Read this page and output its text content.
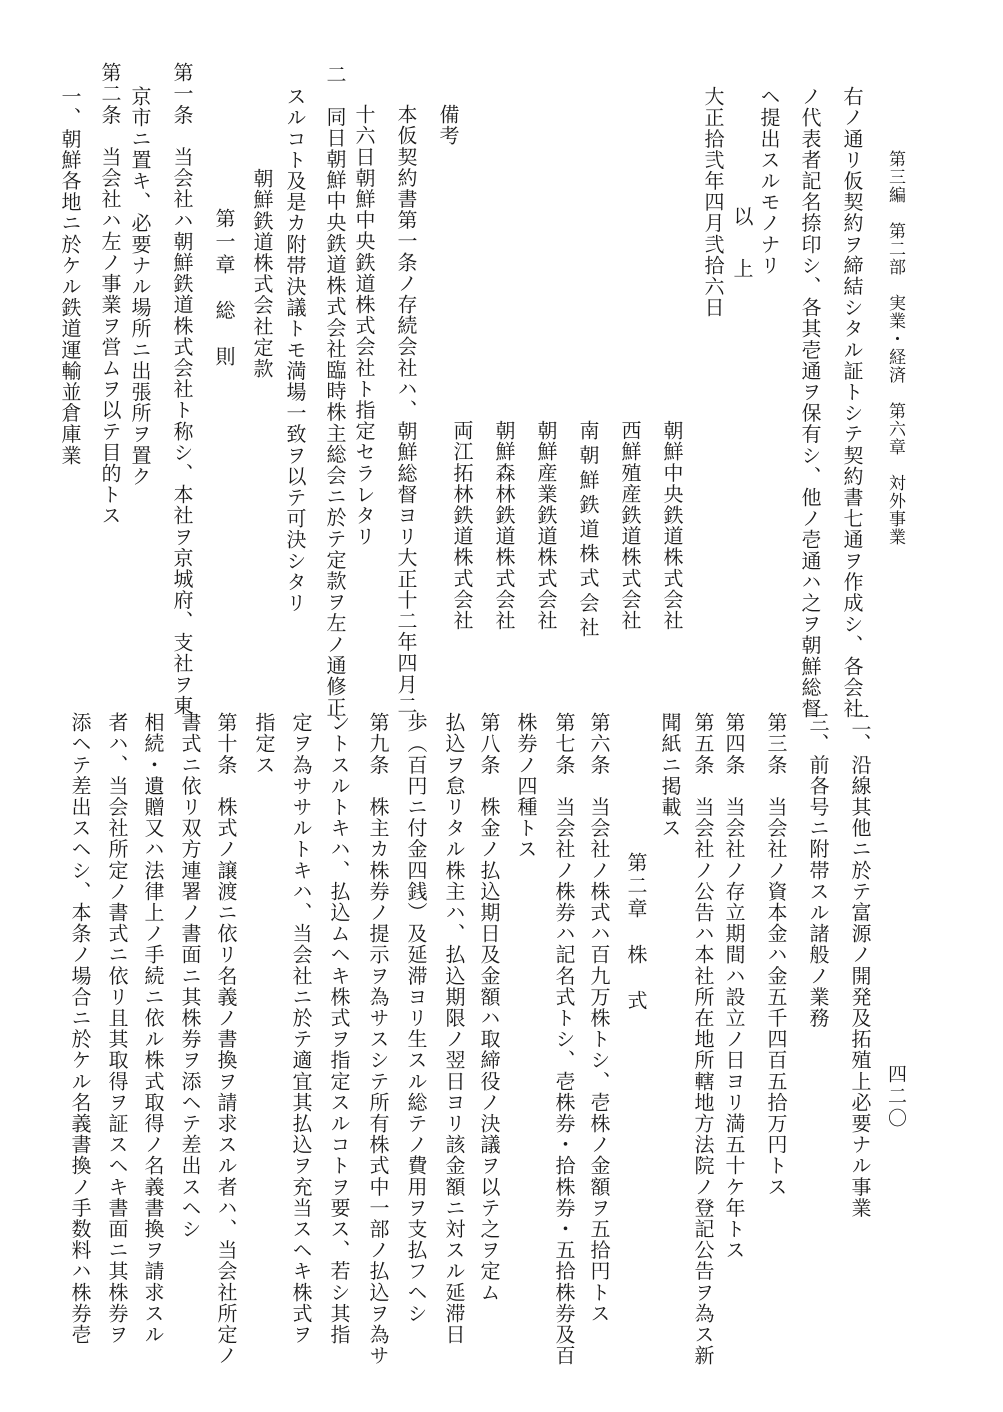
第三編　第二部　実業・経済　第六章　対外事業
四二〇
右ノ通リ仮契約ヲ締結シタル証トシテ契約書七通ヲ作成シ、各会社
ノ代表者記名捺印シ、各其壱通ヲ保有シ、他ノ壱通ハ之ヲ朝鮮総督
ヘ提出スルモノナリ
以　上
大正拾弐年四月弐拾六日
朝鮮中央鉄道株式会社
西鮮殖産鉄道株式会社
南朝鮮鉄道株式会社
朝鮮産業鉄道株式会社
朝鮮森林鉄道株式会社
両江拓林鉄道株式会社
備考
本仮契約書第一条ノ存続会社ハ、朝鮮総督ヨリ大正十二年四月二
十六日朝鮮中央鉄道株式会社ト指定セラレタリ
二　同日朝鮮中央鉄道株式会社臨時株主総会ニ於テ定款ヲ左ノ通修正
スルコト及是カ附帯決議トモ満場一致ヲ以テ可決シタリ
朝鮮鉄道株式会社定款
第一章　総　則
第一条　当会社ハ朝鮮鉄道株式会社ト称シ、本社ヲ京城府、支社ヲ東
京市ニ置キ、必要ナル場所ニ出張所ヲ置ク
第二条　当会社ハ左ノ事業ヲ営ムヲ以テ目的トス
一、朝鮮各地ニ於ケル鉄道運輸並倉庫業
二、沿線其他ニ於テ富源ノ開発及拓殖上必要ナル事業
三、前各号ニ附帯スル諸般ノ業務
第三条　当会社ノ資本金ハ金五千四百五拾万円トス
第四条　当会社ノ存立期間ハ設立ノ日ヨリ満五十ケ年トス
第五条　当会社ノ公告ハ本社所在地所轄地方法院ノ登記公告ヲ為ス新
聞紙ニ掲載ス
第二章　株　式
第六条　当会社ノ株式ハ百九万株トシ、壱株ノ金額ヲ五拾円トス
第七条　当会社ノ株券ハ記名式トシ、壱株券・拾株券・五拾株券及百
株券ノ四種トス
第八条　株金ノ払込期日及金額ハ取締役ノ決議ヲ以テ之ヲ定ム
払込ヲ怠リタル株主ハ、払込期限ノ翌日ヨリ該金額ニ対スル延滞日
歩（百円ニ付金四銭）及延滞ヨリ生スル総テノ費用ヲ支払フヘシ
第九条　株主カ株券ノ提示ヲ為サスシテ所有株式中一部ノ払込ヲ為サ
ントスルトキハ、払込ムヘキ株式ヲ指定スルコトヲ要ス、若シ其指
定ヲ為ササルトキハ、当会社ニ於テ適宜其払込ヲ充当スヘキ株式ヲ
指定ス
第十条　株式ノ譲渡ニ依リ名義ノ書換ヲ請求スル者ハ、当会社所定ノ
書式ニ依リ双方連署ノ書面ニ其株券ヲ添ヘテ差出スヘシ
相続・遺贈又ハ法律上ノ手続ニ依ル株式取得ノ名義書換ヲ請求スル
者ハ、当会社所定ノ書式ニ依リ且其取得ヲ証スヘキ書面ニ其株券ヲ
添ヘテ差出スヘシ、本条ノ場合ニ於ケル名義書換ノ手数料ハ株券壱
